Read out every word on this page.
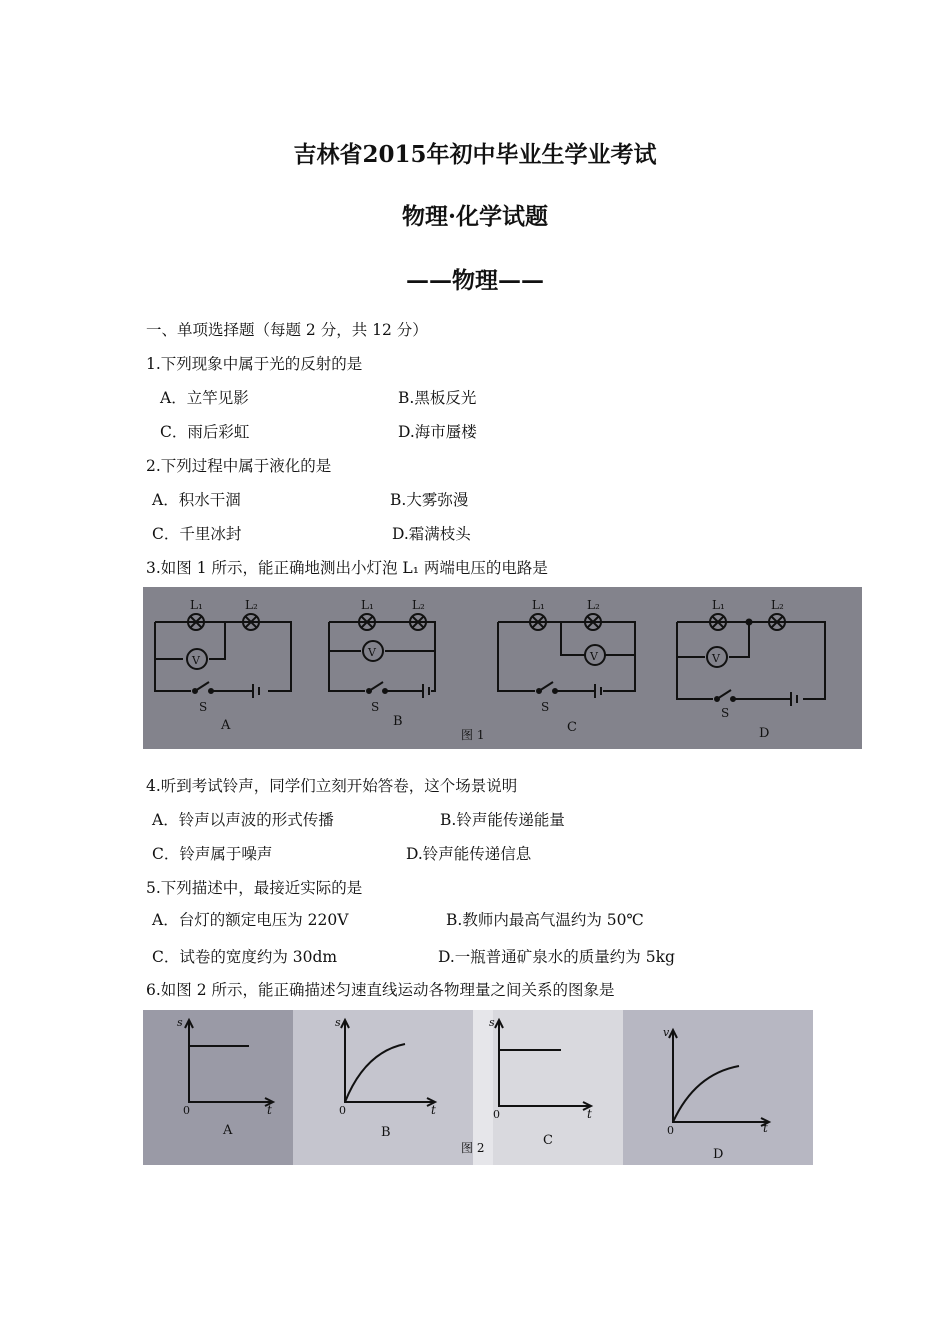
吉林省2015年初中毕业生学业考试
物理·化学试题
——物理——
一、单项选择题（每题 2 分，共 12 分）
1.下列现象中属于光的反射的是
A．立竿见影	B.黑板反光
C．雨后彩虹	D.海市蜃楼
2.下列过程中属于液化的是
A．积水干涸	B.大雾弥漫
C．千里冰封	D.霜满枝头
3.如图 1 所示，能正确地测出小灯泡 L₁ 两端电压的电路是
L₁	L₂
V
S
A
L₁	L₂
V
S
B
L₁	L₂
V
S
C
L₁	L₂
V
S
D
图 1
4.听到考试铃声，同学们立刻开始答卷，这个场景说明
A．铃声以声波的形式传播	B.铃声能传递能量
C．铃声属于噪声	D.铃声能传递信息
5.下列描述中，最接近实际的是
A．台灯的额定电压为 220V	B.教师内最高气温约为 50℃
C．试卷的宽度约为 30dm	D.一瓶普通矿泉水的质量约为 5kg
6.如图 2 所示，能正确描述匀速直线运动各物理量之间关系的图象是
s
0	t
A
s
0	t
B
s
0	t
C
图 2
v
0	t
D
